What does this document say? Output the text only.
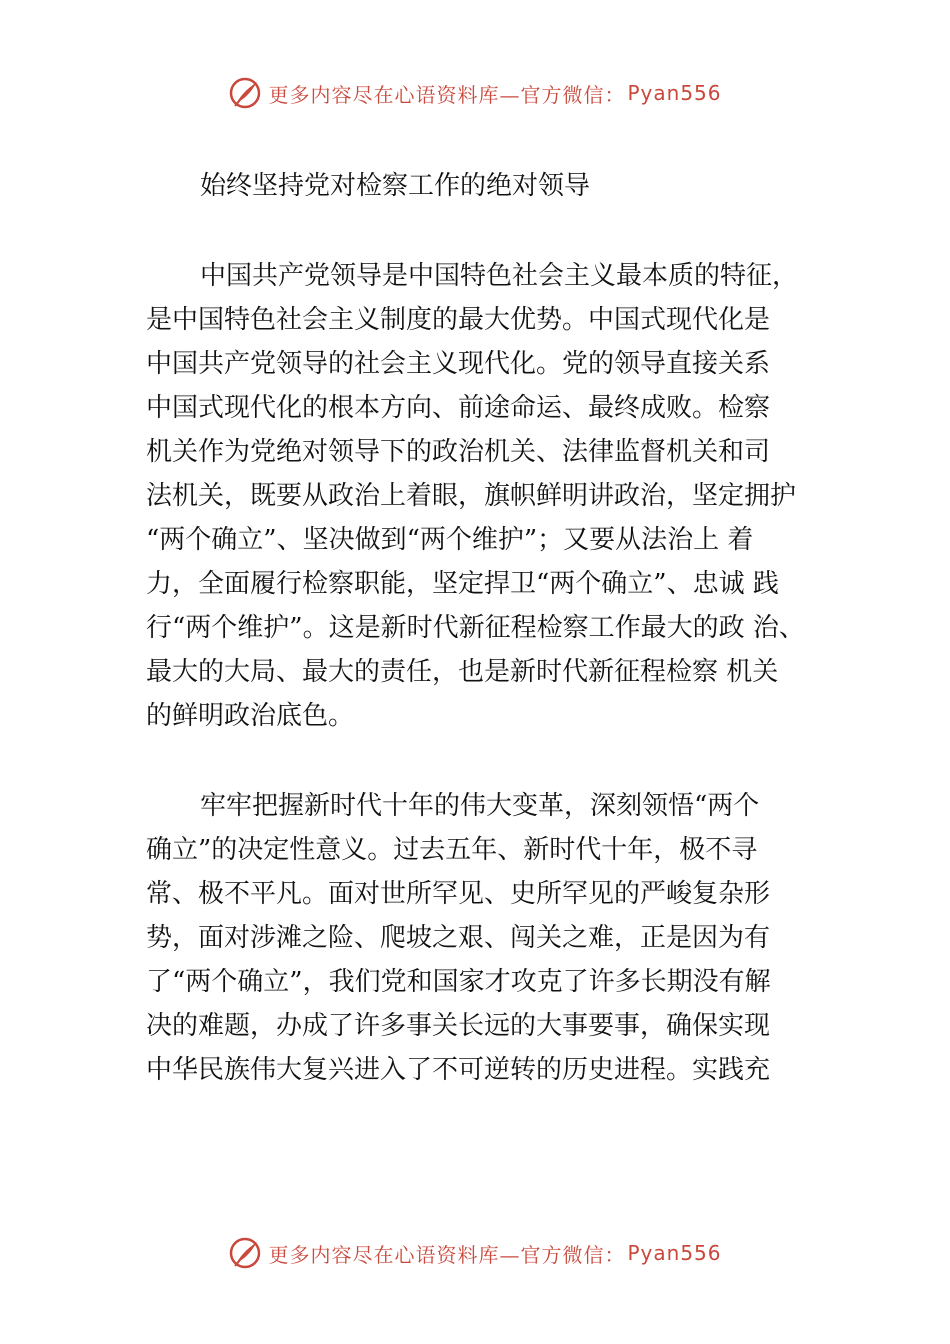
更多内容尽在心语资料库—官方微信： Pyan556
始终坚持党对检察工作的绝对领导
中国共产党领导是中国特色社会主义最本质的特征，
是中国特色社会主义制度的最大优势。中国式现代化是
中国共产党领导的社会主义现代化。党的领导直接关系
中国式现代化的根本方向、前途命运、最终成败。检察
机关作为党绝对领导下的政治机关、法律监督机关和司
法机关，既要从政治上着眼，旗帜鲜明讲政治，坚定拥护
“两个确立”、坚决做到“两个维护”；又要从法治上 着
力，全面履行检察职能，坚定捍卫“两个确立”、忠诚 践
行“两个维护”。这是新时代新征程检察工作最大的政 治、
最大的大局、最大的责任，也是新时代新征程检察 机关
的鲜明政治底色。
牢牢把握新时代十年的伟大变革，深刻领悟“两个
确立”的决定性意义。过去五年、新时代十年，极不寻
常、极不平凡。面对世所罕见、史所罕见的严峻复杂形
势，面对涉滩之险、爬坡之艰、闯关之难，正是因为有
了“两个确立”，我们党和国家才攻克了许多长期没有解
决的难题，办成了许多事关长远的大事要事，确保实现
中华民族伟大复兴进入了不可逆转的历史进程。实践充
更多内容尽在心语资料库—官方微信： Pyan556
